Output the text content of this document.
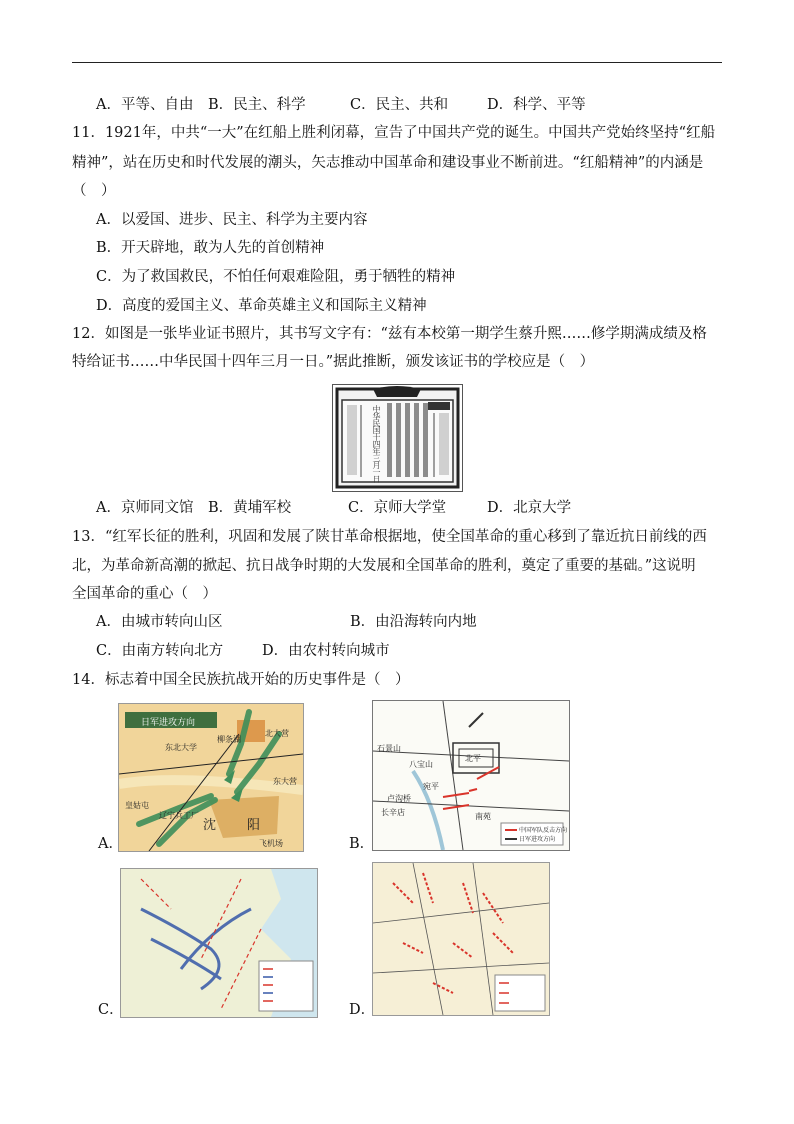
A．平等、自由 B．民主、科学	C．民主、共和	D．科学、平等
11．1921年，中共“一大”在红船上胜利闭幕，宣告了中国共产党的诞生。中国共产党始终坚持“红船
精神”，站在历史和时代发展的潮头，矢志推动中国革命和建设事业不断前进。“红船精神”的内涵是
（　）
A．以爱国、进步、民主、科学为主要内容
B．开天辟地，敢为人先的首创精神
C．为了救国救民，不怕任何艰难险阻，勇于牺牲的精神
D．高度的爱国主义、革命英雄主义和国际主义精神
12．如图是一张毕业证书照片，其书写文字有：“兹有本校第一期学生蔡升熙……修学期满成绩及格
特给证书……中华民国十四年三月一日。”据此推断，颁发该证书的学校应是（　）
中华民国十四年三月一日
A．京师同文馆 B．黄埔军校	C．京师大学堂	D．北京大学
13．“红军长征的胜利，巩固和发展了陕甘革命根据地，使全国革命的重心移到了靠近抗日前线的西
北，为革命新高潮的掀起、抗日战争时期的大发展和全国革命的胜利，奠定了重要的基础。”这说明
全国革命的重心（　）
A．由城市转向山区	B．由沿海转向内地
C．由南方转向北方	D．由农村转向城市
14．标志着中国全民族抗战开始的历史事件是（　）
日军进攻方向
柳条湖
北大营
东北大学
皇姑屯
辽宁兵工厂
沈 阳
东大营
飞机场
A．
北平
八宝山
石景山
卢沟桥
宛平
长辛店	南苑
中国军队反击方向
日军进攻方向
B．
C．	D．
